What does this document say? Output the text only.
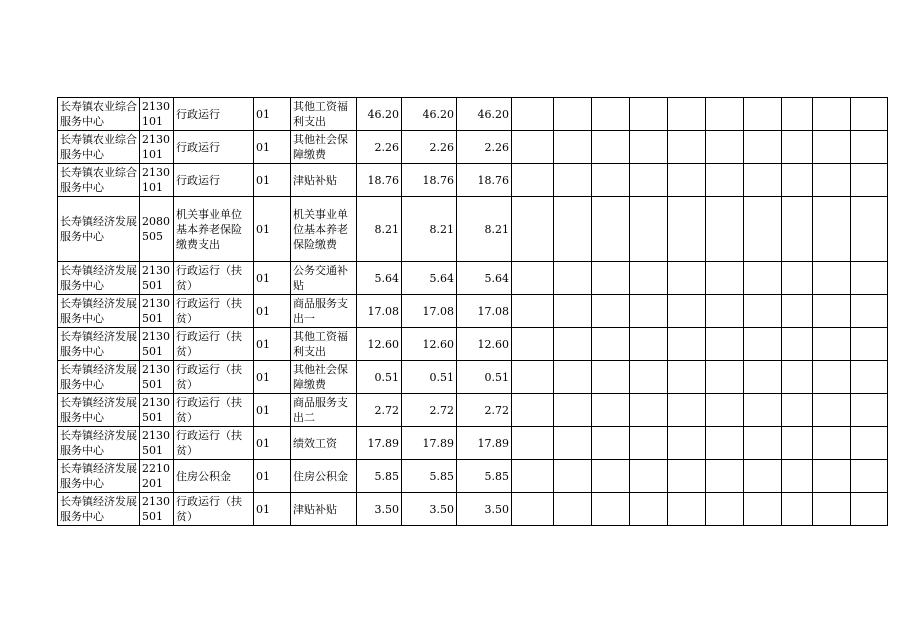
长寿镇农业综合服务中心	2130101	行政运行	01	其他工资福利支出	46.20	46.20	46.20										
长寿镇农业综合服务中心	2130101	行政运行	01	其他社会保障缴费	2.26	2.26	2.26										
长寿镇农业综合服务中心	2130101	行政运行	01	津贴补贴	18.76	18.76	18.76										
长寿镇经济发展服务中心	2080505	机关事业单位基本养老保险缴费支出	01	机关事业单位基本养老保险缴费	8.21	8.21	8.21										
长寿镇经济发展服务中心	2130501	行政运行（扶贫）	01	公务交通补贴	5.64	5.64	5.64										
长寿镇经济发展服务中心	2130501	行政运行（扶贫）	01	商品服务支出一	17.08	17.08	17.08										
长寿镇经济发展服务中心	2130501	行政运行（扶贫）	01	其他工资福利支出	12.60	12.60	12.60										
长寿镇经济发展服务中心	2130501	行政运行（扶贫）	01	其他社会保障缴费	0.51	0.51	0.51										
长寿镇经济发展服务中心	2130501	行政运行（扶贫）	01	商品服务支出二	2.72	2.72	2.72										
长寿镇经济发展服务中心	2130501	行政运行（扶贫）	01	绩效工资	17.89	17.89	17.89										
长寿镇经济发展服务中心	2210201	住房公积金	01	住房公积金	5.85	5.85	5.85										
长寿镇经济发展服务中心	2130501	行政运行（扶贫）	01	津贴补贴	3.50	3.50	3.50										
